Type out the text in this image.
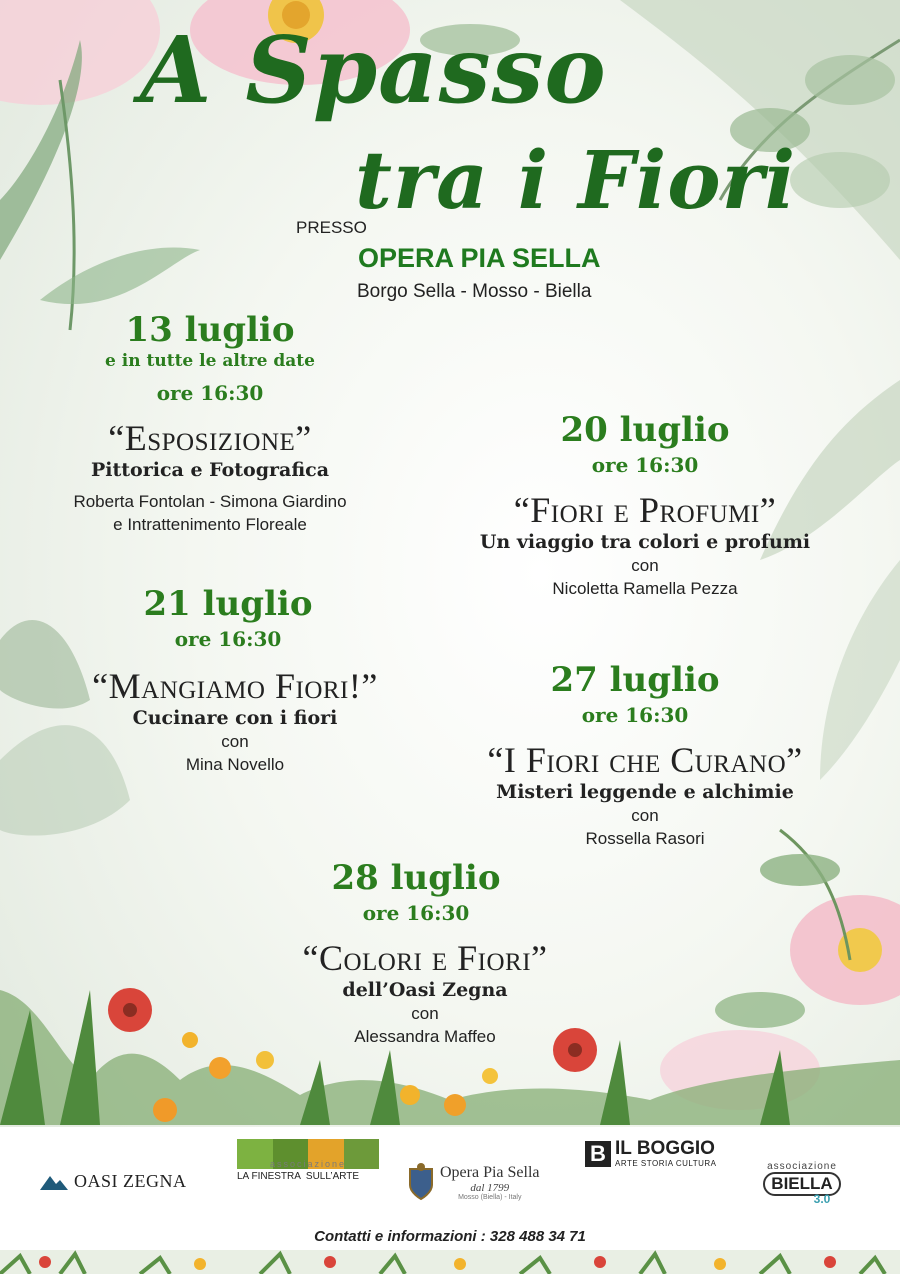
A Spasso
tra i Fiori
PRESSO
OPERA PIA SELLA
Borgo Sella - Mosso - Biella
13 luglio
e in tutte le altre date
ore 16:30
“Esposizione”
Pittorica e Fotografica
Roberta Fontolan - Simona Giardino
e Intrattenimento Floreale
20 luglio
ore 16:30
“Fiori e Profumi”
Un viaggio tra colori e profumi
con
Nicoletta Ramella Pezza
21 luglio
ore 16:30
“Mangiamo Fiori!”
Cucinare con i fiori
con
Mina Novello
27 luglio
ore 16:30
“I Fiori che Curano”
Misteri leggende e alchimie
con
Rossella Rasori
28 luglio
ore 16:30
“Colori e Fiori”
dell’Oasi Zegna
con
Alessandra Maffeo
OASI ZEGNA
associazione
LA FINESTRA  SULL’ARTE	Opera Pia Sella
dal 1799
Mosso (Biella) - Italy
B IL BOGGIO
ARTE STORIA CULTURA	associazione
BIELLA
3.0
Contatti e informazioni : 328 488 34 71
